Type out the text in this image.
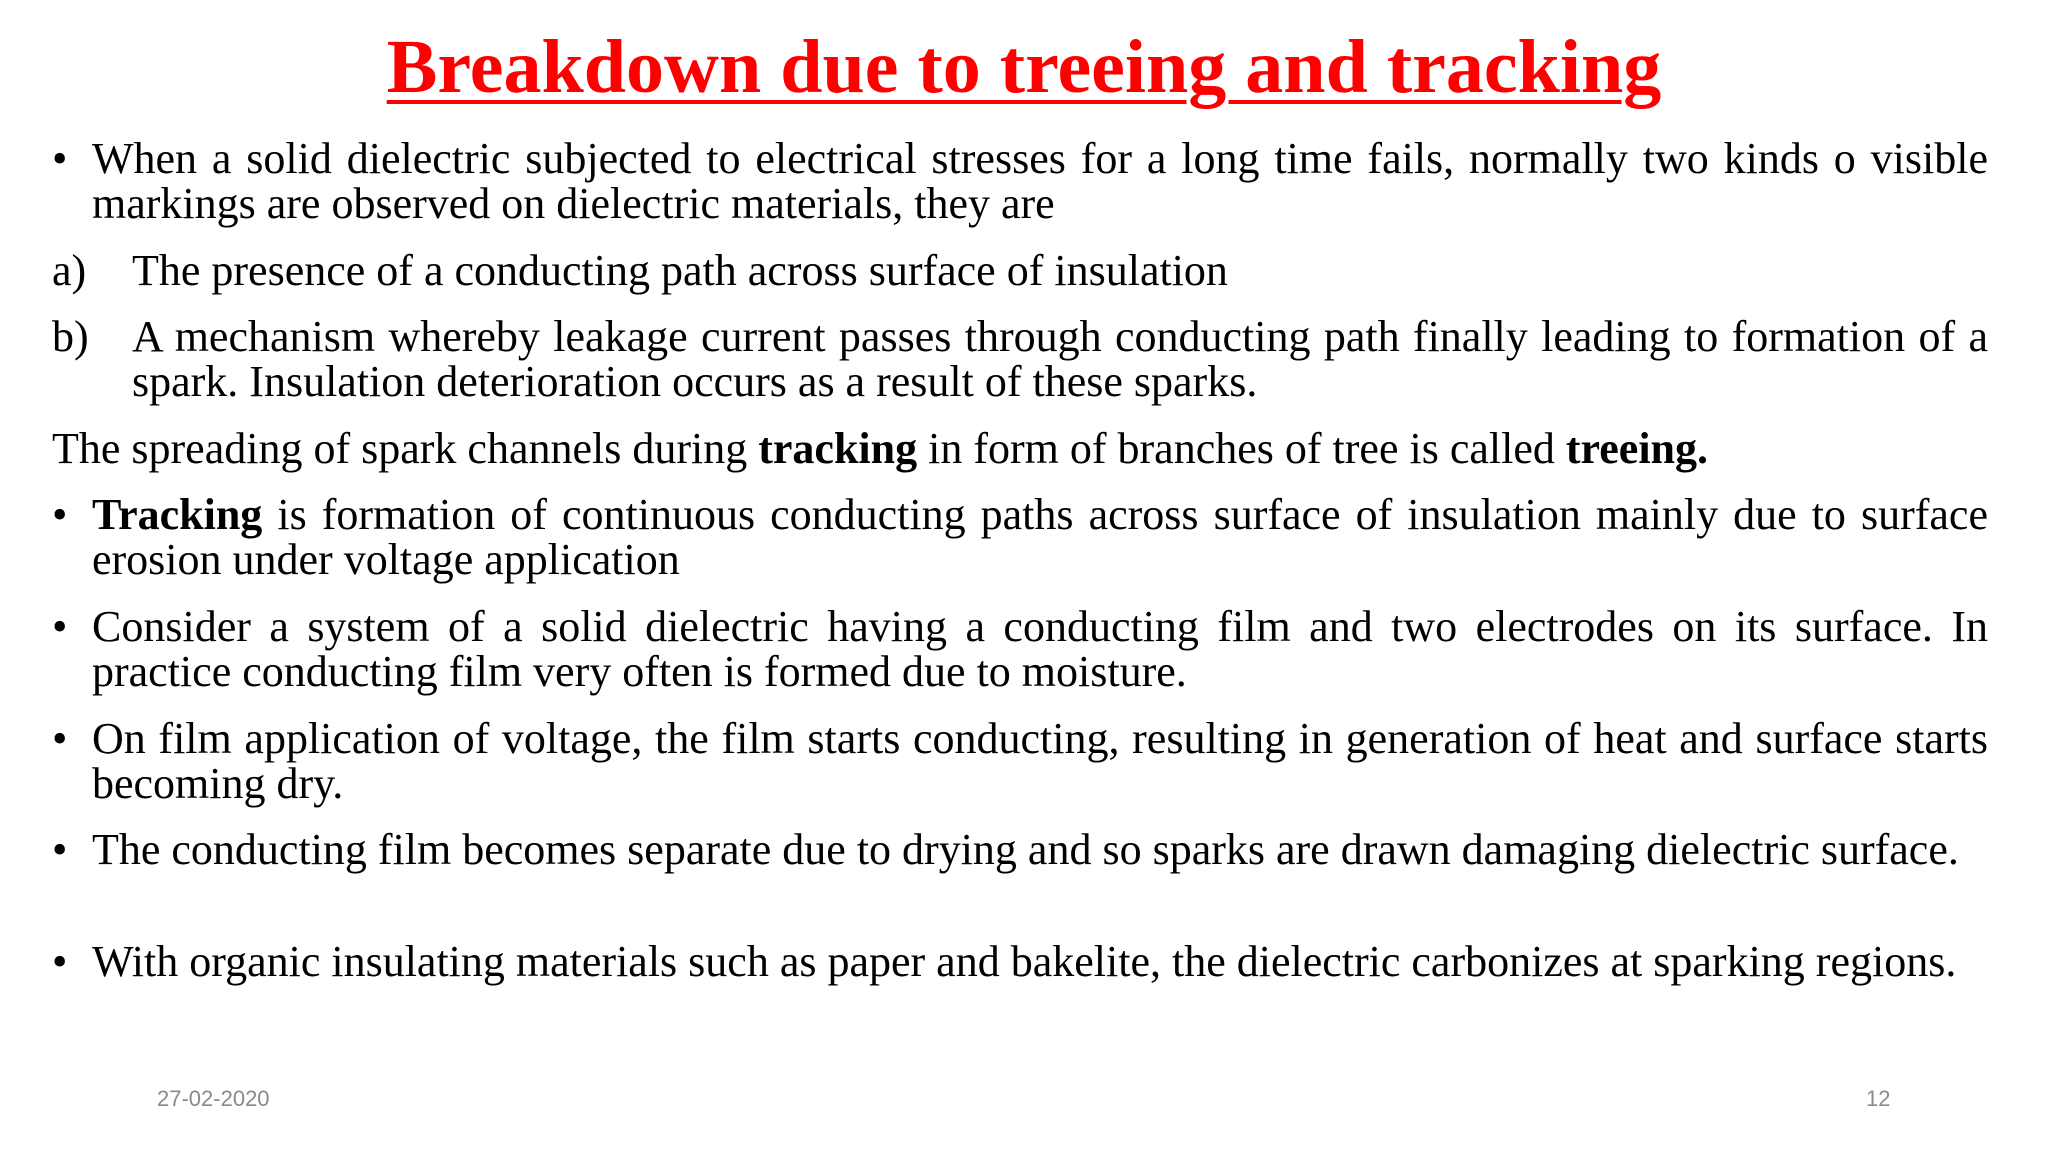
Breakdown due to treeing and tracking
• When a solid dielectric subjected to electrical stresses for a long time fails, normally two kinds o visible markings are observed on dielectric materials, they are
a) The presence of a conducting path across surface of insulation
b) A mechanism whereby leakage current passes through conducting path finally leading to formation of a spark. Insulation deterioration occurs as a result of these sparks.
The spreading of spark channels during tracking in form of branches of tree is called treeing.
• Tracking is formation of continuous conducting paths across surface of insulation mainly due to surface erosion under voltage application
• Consider a system of a solid dielectric having a conducting film and two electrodes on its surface. In practice conducting film very often is formed due to moisture.
• On film application of voltage, the film starts conducting, resulting in generation of heat and surface starts becoming dry.
• The conducting film becomes separate due to drying and so sparks are drawn damaging dielectric surface.
• With organic insulating materials such as paper and bakelite, the dielectric carbonizes at sparking regions.
27-02-2020	12
